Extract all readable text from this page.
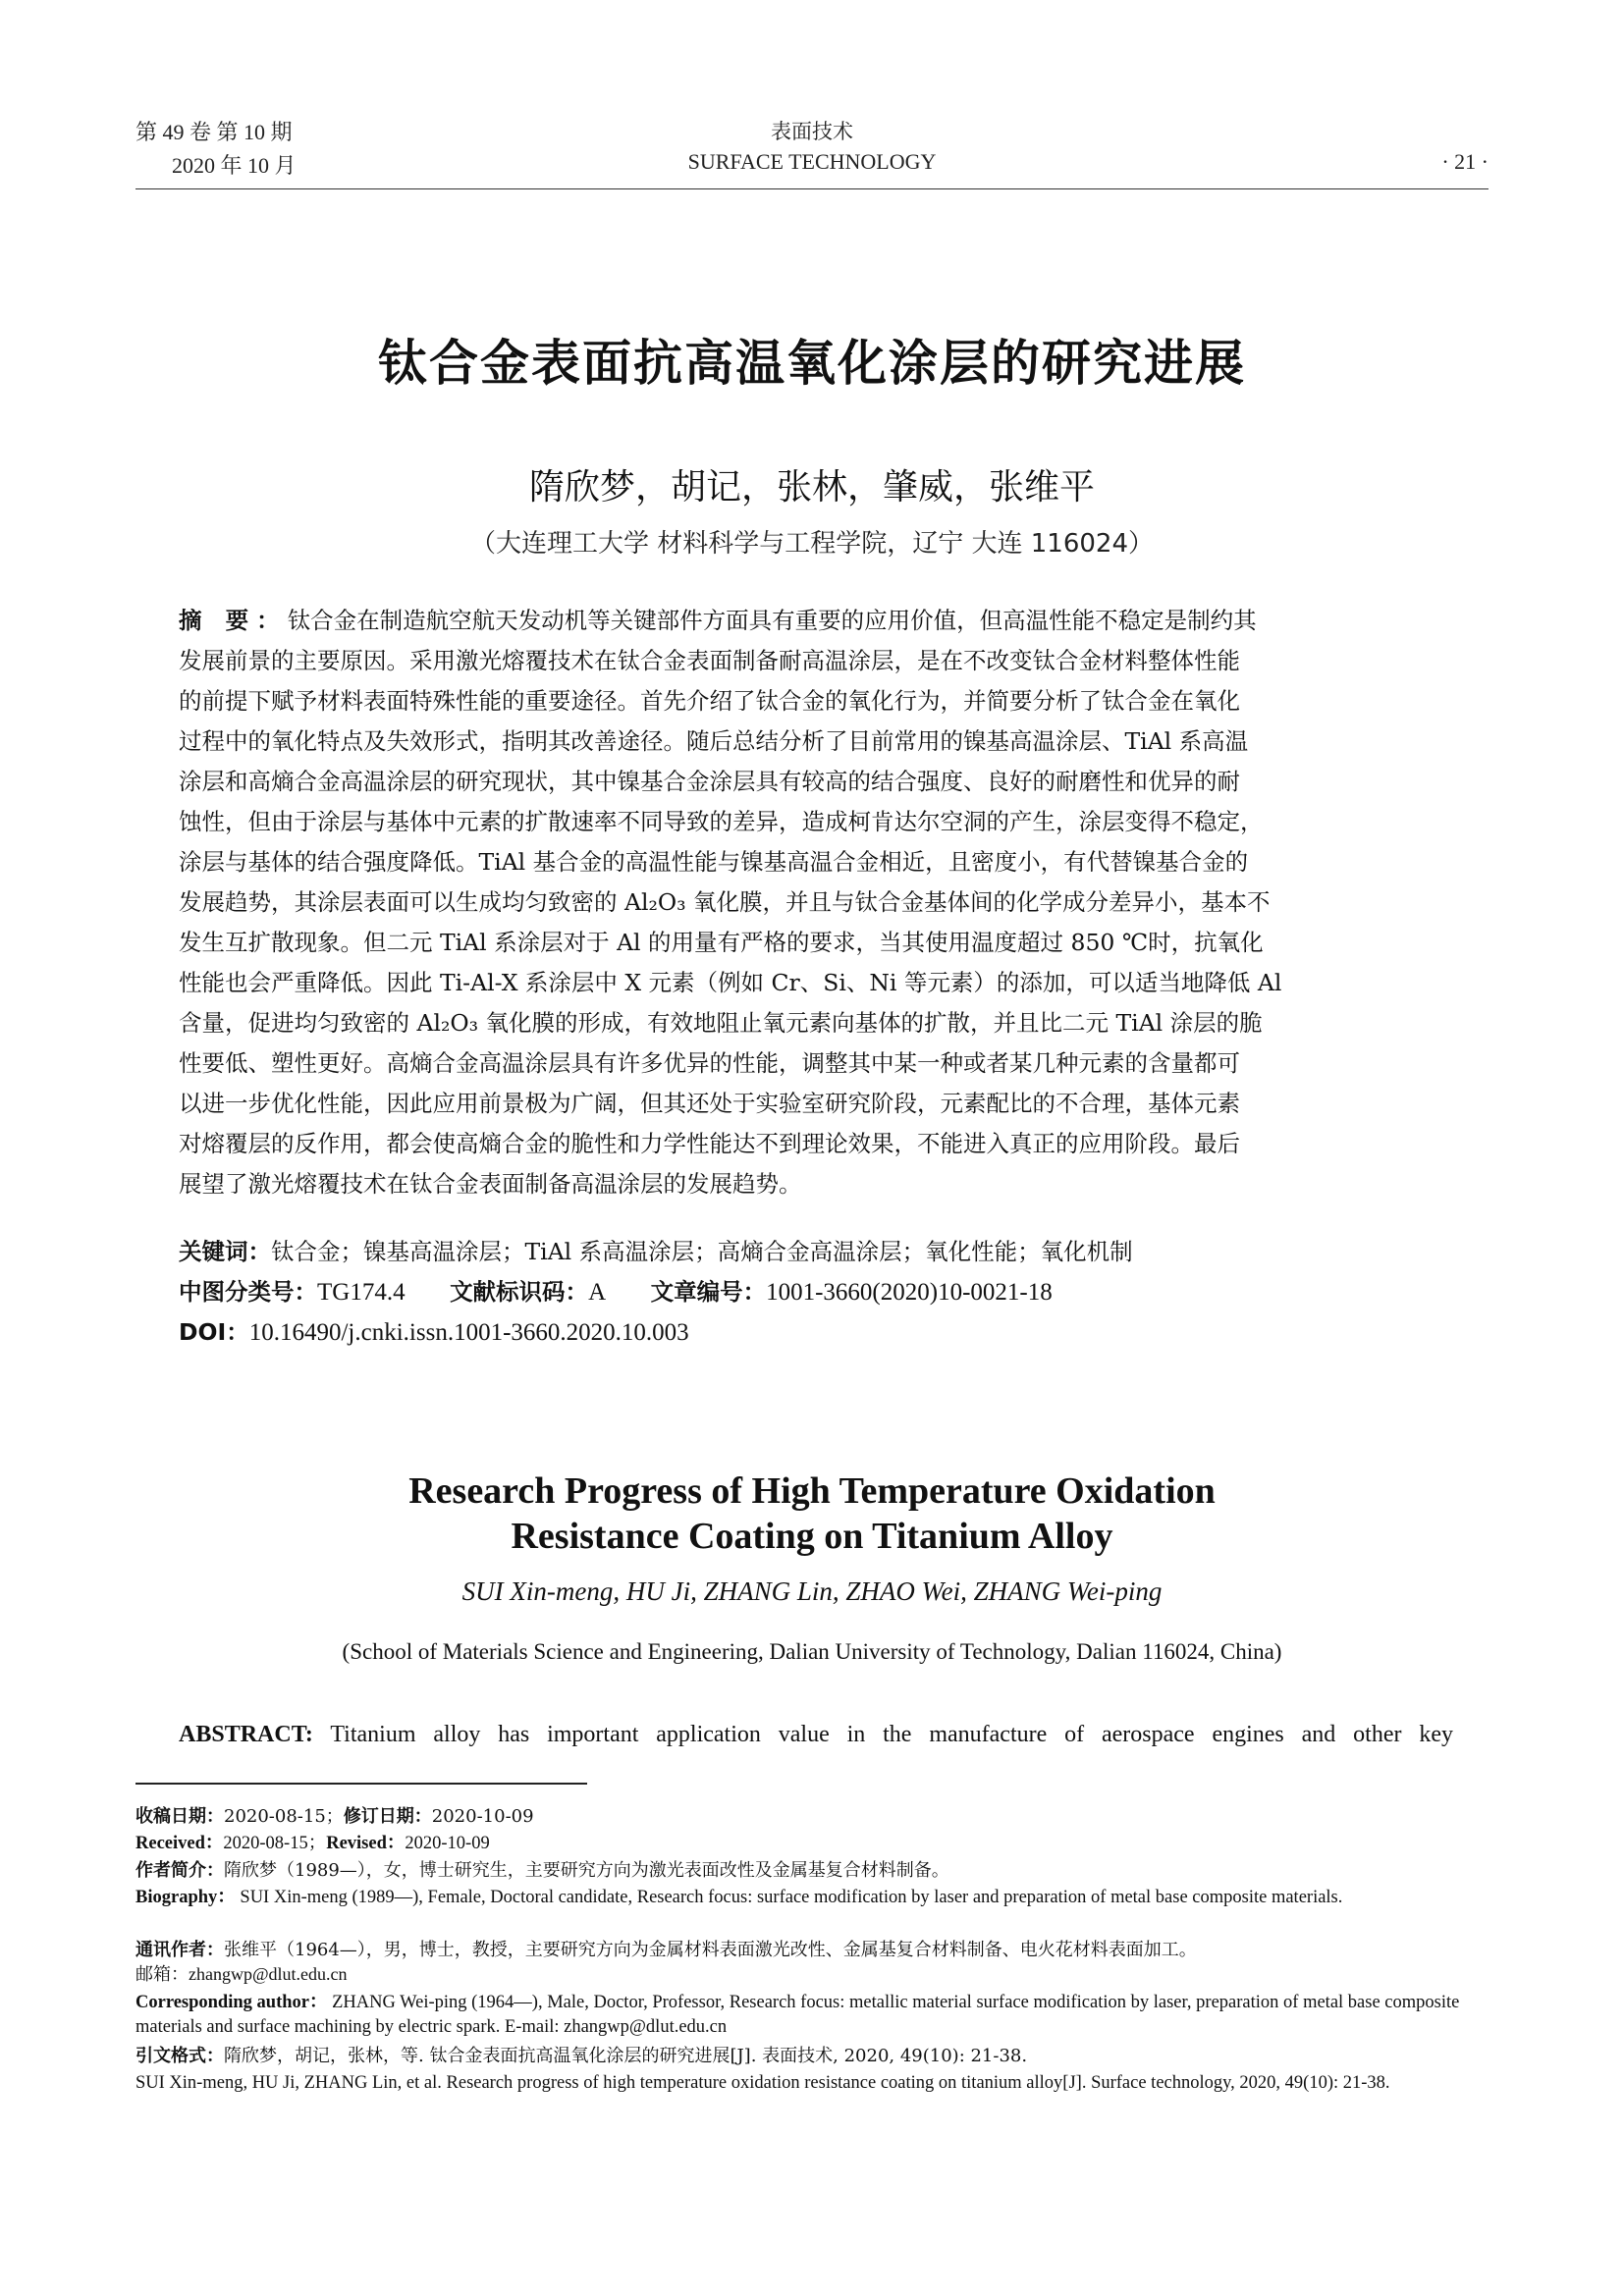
第 49 卷 第 10 期
2020 年 10 月
表面技术
SURFACE TECHNOLOGY	· 21 ·
钛合金表面抗高温氧化涂层的研究进展
隋欣梦，胡记，张林，肇威，张维平
（大连理工大学 材料科学与工程学院，辽宁 大连 116024）
摘 要：钛合金在制造航空航天发动机等关键部件方面具有重要的应用价值，但高温性能不稳定是制约其
发展前景的主要原因。采用激光熔覆技术在钛合金表面制备耐高温涂层，是在不改变钛合金材料整体性能
的前提下赋予材料表面特殊性能的重要途径。首先介绍了钛合金的氧化行为，并简要分析了钛合金在氧化
过程中的氧化特点及失效形式，指明其改善途径。随后总结分析了目前常用的镍基高温涂层、TiAl 系高温
涂层和高熵合金高温涂层的研究现状，其中镍基合金涂层具有较高的结合强度、良好的耐磨性和优异的耐
蚀性，但由于涂层与基体中元素的扩散速率不同导致的差异，造成柯肯达尔空洞的产生，涂层变得不稳定，
涂层与基体的结合强度降低。TiAl 基合金的高温性能与镍基高温合金相近，且密度小，有代替镍基合金的
发展趋势，其涂层表面可以生成均匀致密的 Al₂O₃ 氧化膜，并且与钛合金基体间的化学成分差异小，基本不
发生互扩散现象。但二元 TiAl 系涂层对于 Al 的用量有严格的要求，当其使用温度超过 850 ℃时，抗氧化
性能也会严重降低。因此 Ti-Al-X 系涂层中 X 元素（例如 Cr、Si、Ni 等元素）的添加，可以适当地降低 Al
含量，促进均匀致密的 Al₂O₃ 氧化膜的形成，有效地阻止氧元素向基体的扩散，并且比二元 TiAl 涂层的脆
性要低、塑性更好。高熵合金高温涂层具有许多优异的性能，调整其中某一种或者某几种元素的含量都可
以进一步优化性能，因此应用前景极为广阔，但其还处于实验室研究阶段，元素配比的不合理，基体元素
对熔覆层的反作用，都会使高熵合金的脆性和力学性能达不到理论效果，不能进入真正的应用阶段。最后
展望了激光熔覆技术在钛合金表面制备高温涂层的发展趋势。
关键词：钛合金；镍基高温涂层；TiAl 系高温涂层；高熵合金高温涂层；氧化性能；氧化机制
中图分类号：TG174.4 文献标识码：A 文章编号：1001-3660(2020)10-0021-18
DOI：10.16490/j.cnki.issn.1001-3660.2020.10.003
Research Progress of High Temperature Oxidation
Resistance Coating on Titanium Alloy
SUI Xin-meng, HU Ji, ZHANG Lin, ZHAO Wei, ZHANG Wei-ping
(School of Materials Science and Engineering, Dalian University of Technology, Dalian 116024, China)
ABSTRACT: Titanium alloy has important application value in the manufacture of aerospace engines and other key
收稿日期：2020-08-15；修订日期：2020-10-09
Received：2020-08-15；Revised：2020-10-09
作者简介：隋欣梦（1989—），女，博士研究生，主要研究方向为激光表面改性及金属基复合材料制备。
Biography： SUI Xin-meng (1989—), Female, Doctoral candidate, Research focus: surface modification by laser and preparation of metal base composite materials.
通讯作者：张维平（1964—），男，博士，教授，主要研究方向为金属材料表面激光改性、金属基复合材料制备、电火花材料表面加工。
邮箱：zhangwp@dlut.edu.cn
Corresponding author： ZHANG Wei-ping (1964—), Male, Doctor, Professor, Research focus: metallic material surface modification by laser, preparation of metal base composite materials and surface machining by electric spark. E-mail: zhangwp@dlut.edu.cn
引文格式：隋欣梦，胡记，张林，等. 钛合金表面抗高温氧化涂层的研究进展[J]. 表面技术, 2020, 49(10): 21-38.
SUI Xin-meng, HU Ji, ZHANG Lin, et al. Research progress of high temperature oxidation resistance coating on titanium alloy[J]. Surface technology, 2020, 49(10): 21-38.
